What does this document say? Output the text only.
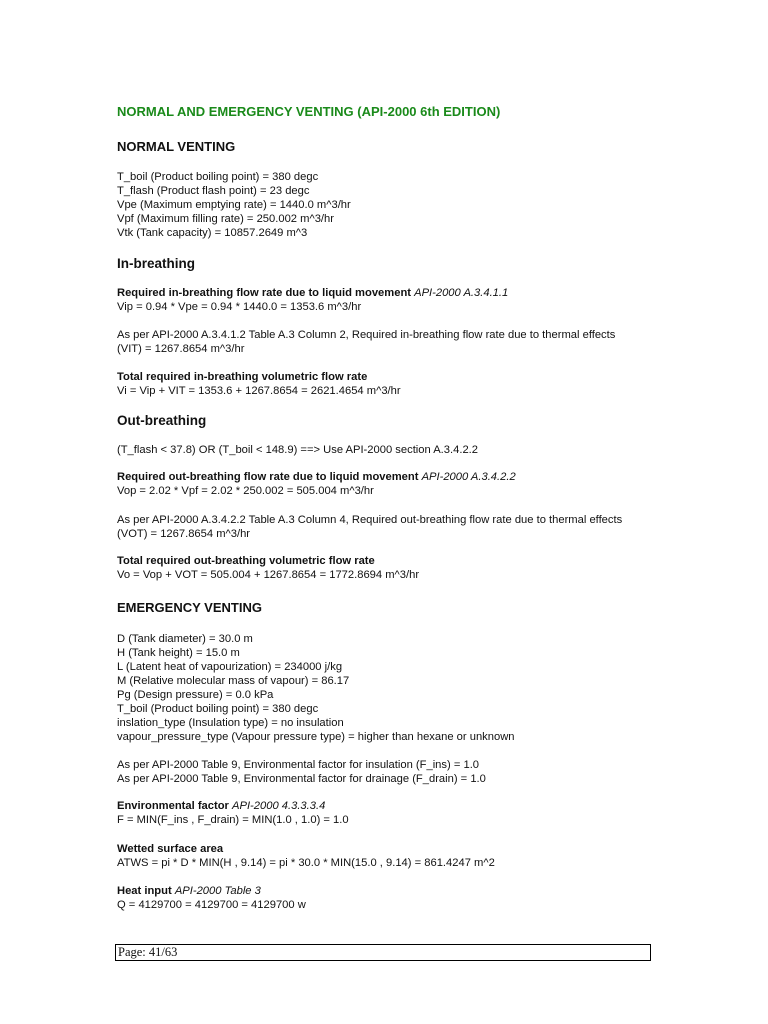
NORMAL AND EMERGENCY VENTING (API-2000 6th EDITION)
NORMAL VENTING
T_boil (Product boiling point) = 380 degc
T_flash (Product flash point) = 23 degc
Vpe (Maximum emptying rate) = 1440.0 m^3/hr
Vpf (Maximum filling rate) = 250.002 m^3/hr
Vtk (Tank capacity) = 10857.2649 m^3
In-breathing
Required in-breathing flow rate due to liquid movement API-2000 A.3.4.1.1
Vip = 0.94 * Vpe = 0.94 * 1440.0 = 1353.6 m^3/hr
As per API-2000 A.3.4.1.2 Table A.3 Column 2, Required in-breathing flow rate due to thermal effects (VIT) = 1267.8654 m^3/hr
Total required in-breathing volumetric flow rate
Vi = Vip + VIT = 1353.6 + 1267.8654 = 2621.4654 m^3/hr
Out-breathing
(T_flash < 37.8) OR (T_boil < 148.9) ==> Use API-2000 section A.3.4.2.2
Required out-breathing flow rate due to liquid movement API-2000 A.3.4.2.2
Vop = 2.02 * Vpf = 2.02 * 250.002 = 505.004 m^3/hr
As per API-2000 A.3.4.2.2 Table A.3 Column 4, Required out-breathing flow rate due to thermal effects (VOT) = 1267.8654 m^3/hr
Total required out-breathing volumetric flow rate
Vo = Vop + VOT = 505.004 + 1267.8654 = 1772.8694 m^3/hr
EMERGENCY VENTING
D (Tank diameter) = 30.0 m
H (Tank height) = 15.0 m
L (Latent heat of vapourization) = 234000 j/kg
M (Relative molecular mass of vapour) = 86.17
Pg (Design pressure) = 0.0 kPa
T_boil (Product boiling point) = 380 degc
inslation_type (Insulation type) = no insulation
vapour_pressure_type (Vapour pressure type) = higher than hexane or unknown
As per API-2000 Table 9, Environmental factor for insulation (F_ins) = 1.0
As per API-2000 Table 9, Environmental factor for drainage (F_drain) = 1.0
Environmental factor API-2000 4.3.3.3.4
F = MIN(F_ins , F_drain) = MIN(1.0 , 1.0) = 1.0
Wetted surface area
ATWS = pi * D * MIN(H , 9.14) = pi * 30.0 * MIN(15.0 , 9.14) = 861.4247 m^2
Heat input API-2000 Table 3
Q = 4129700 = 4129700 = 4129700 w
Page: 41/63
